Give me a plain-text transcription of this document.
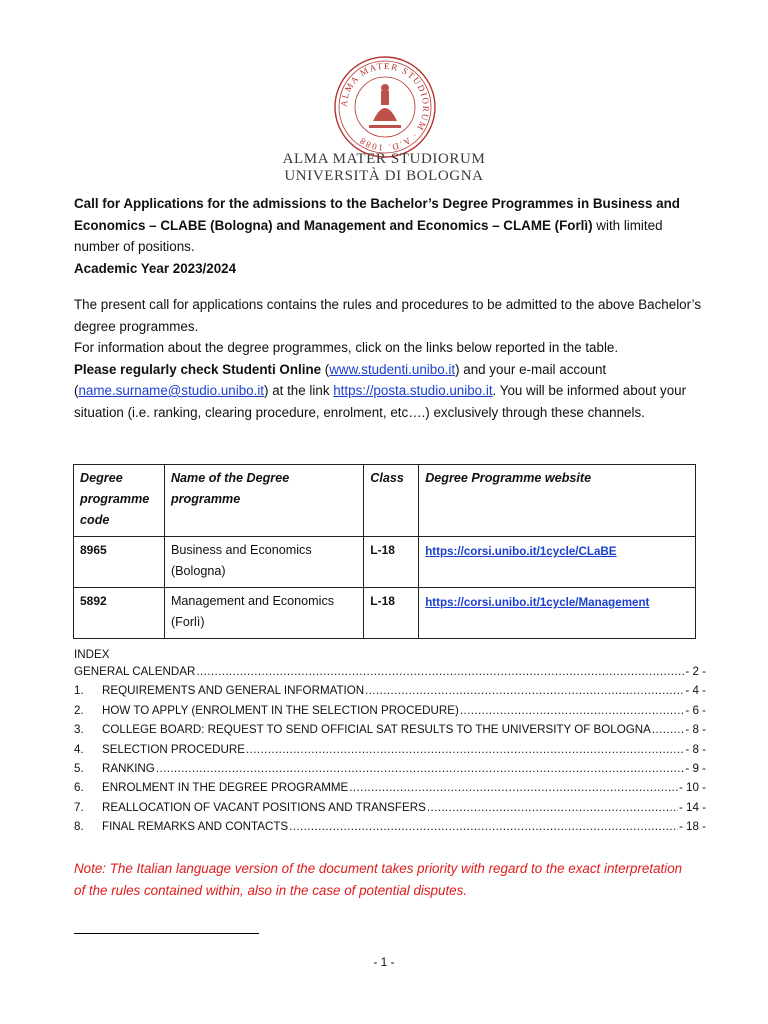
ALMA MATER STUDIORUM · A.D. 1088
ALMA MATER STUDIORUM
UNIVERSITÀ DI BOLOGNA
Call for Applications for the admissions to the Bachelor’s Degree Programmes in Business and Economics – CLABE (Bologna) and Management and Economics – CLAME (Forlì) with limited number of positions.
Academic Year 2023/2024

The present call for applications contains the rules and procedures to be admitted to the above Bachelor’s degree programmes.

For information about the degree programmes, click on the links below reported in the table.

Please regularly check Studenti Online (www.studenti.unibo.it) and your e-mail account (name.surname@studio.unibo.it) at the link https://posta.studio.unibo.it. You will be informed about your situation (i.e. ranking, clearing procedure, enrolment, etc….) exclusively through these channels.

Degree programme code	Name of the Degree programme	Class	Degree Programme website
8965	Business and Economics (Bologna)	L-18	https://corsi.unibo.it/1cycle/CLaBE
5892	Management and Economics (Forlì)	L-18	https://corsi.unibo.it/1cycle/Management
INDEX
GENERAL CALENDAR .....	- 2 -
1.	REQUIREMENTS AND GENERAL INFORMATION .....	- 4 -
2.	HOW TO APPLY (ENROLMENT IN THE SELECTION PROCEDURE) .....	- 6 -
3.	COLLEGE BOARD: REQUEST TO SEND OFFICIAL SAT RESULTS TO THE UNIVERSITY OF BOLOGNA .....	- 8 -
4.	SELECTION PROCEDURE .....	- 8 -
5.	RANKING .....	- 9 -
6.	ENROLMENT IN THE DEGREE PROGRAMME .....	- 10 -
7.	REALLOCATION OF VACANT POSITIONS AND TRANSFERS .....	- 14 -
8.	FINAL REMARKS AND CONTACTS .....	- 18 -
Note: The Italian language version of the document takes priority with regard to the exact interpretation of the rules contained within, also in the case of potential disputes.
- 1 -
